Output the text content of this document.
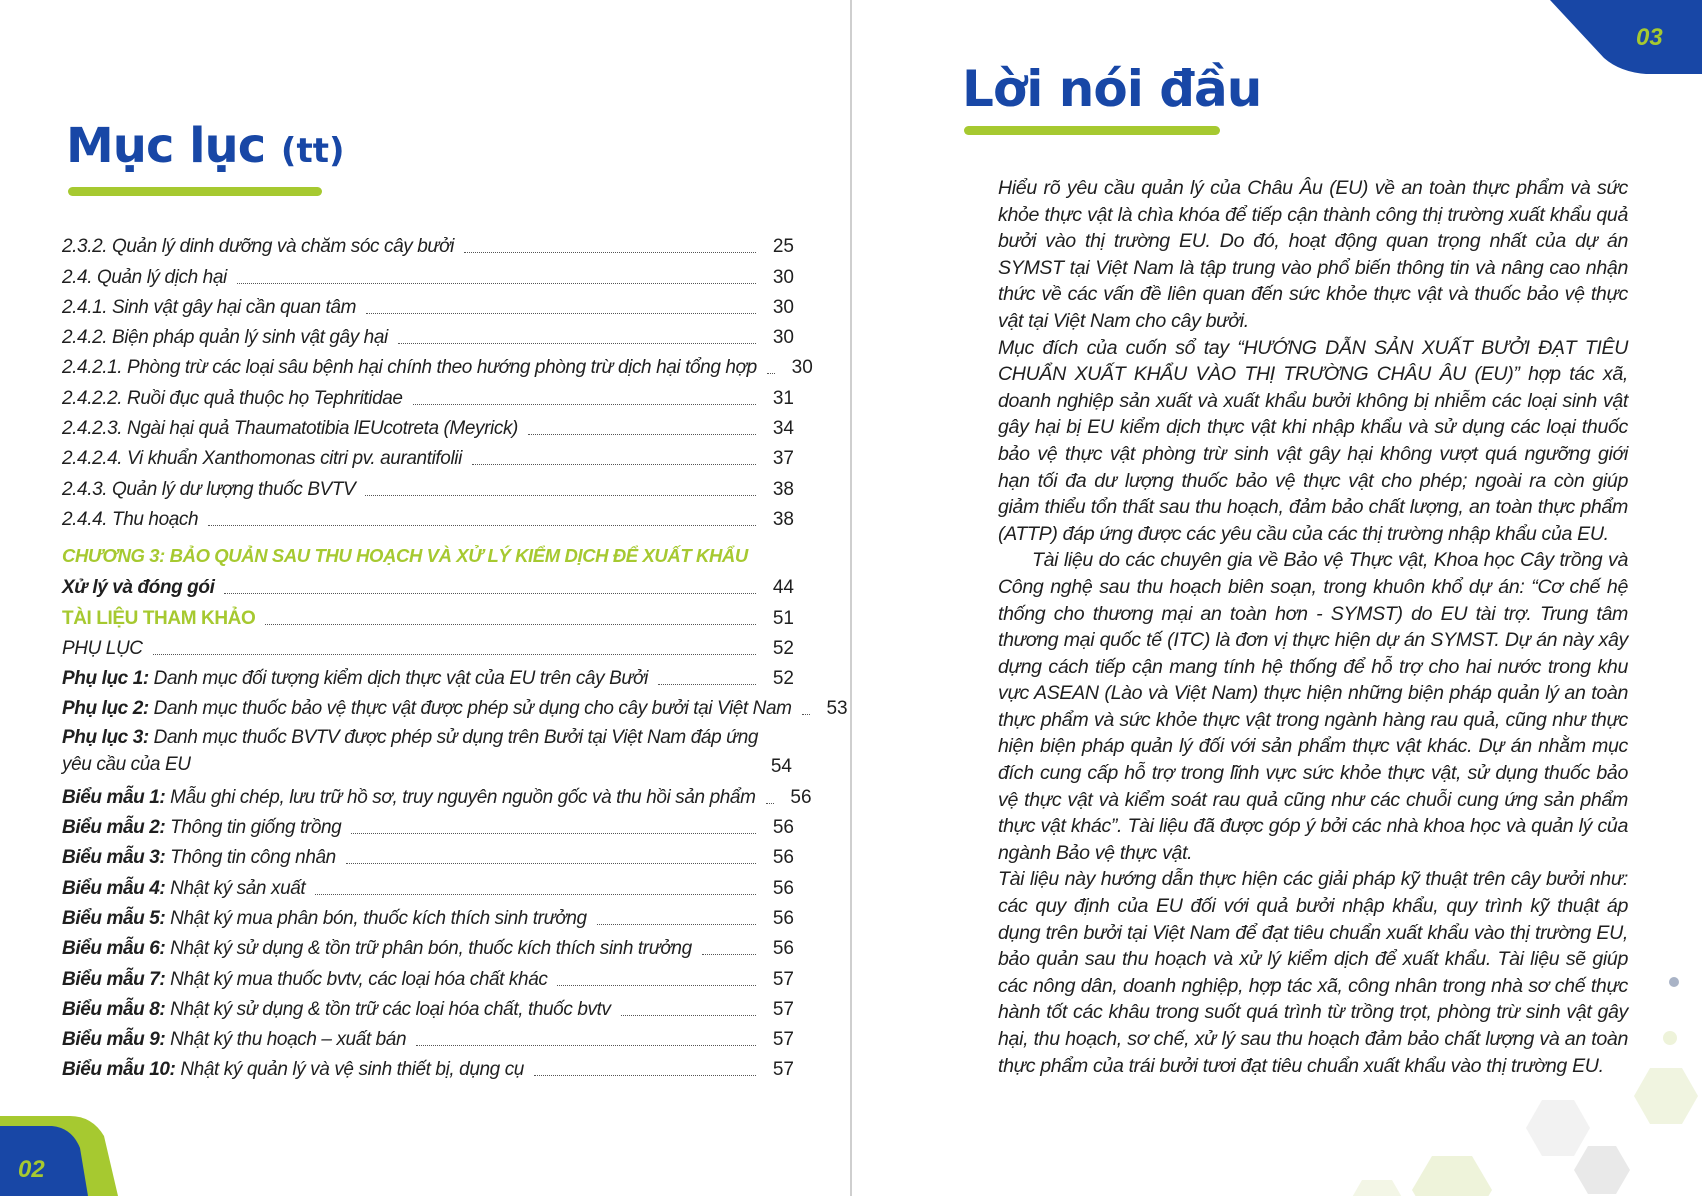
Mục lục (tt)
2.3.2. Quản lý dinh dưỡng và chăm sóc cây bưởi	25
2.4. Quản lý dịch hại	30
2.4.1. Sinh vật gây hại cần quan tâm	30
2.4.2. Biện pháp quản lý sinh vật gây hại	30
2.4.2.1. Phòng trừ các loại sâu bệnh hại chính theo hướng phòng trừ dịch hại tổng hợp	30
2.4.2.2. Ruồi đục quả thuộc họ Tephritidae	31
2.4.2.3. Ngài hại quả Thaumatotibia lEUcotreta (Meyrick)	34
2.4.2.4. Vi khuẩn Xanthomonas citri pv. aurantifolii	37
2.4.3. Quản lý dư lượng thuốc BVTV	38
2.4.4. Thu hoạch	38
CHƯƠNG 3: BẢO QUẢN SAU THU HOẠCH VÀ XỬ LÝ KIỂM DỊCH ĐỂ XUẤT KHẨU
Xử lý và đóng gói	44
TÀI LIỆU THAM KHẢO	51
PHỤ LỤC	52
Phụ lục 1: Danh mục đối tượng kiểm dịch thực vật của EU trên cây Bưởi	52
Phụ lục 2: Danh mục thuốc bảo vệ thực vật được phép sử dụng cho cây bưởi tại Việt Nam	53
Phụ lục 3: Danh mục thuốc BVTV được phép sử dụng trên Bưởi tại Việt Nam đáp ứng yêu cầu của EU	54
Biểu mẫu 1: Mẫu ghi chép, lưu trữ hồ sơ, truy nguyên nguồn gốc và thu hồi sản phẩm	56
Biểu mẫu 2: Thông tin giống trồng	56
Biểu mẫu 3: Thông tin công nhân	56
Biểu mẫu 4: Nhật ký sản xuất	56
Biểu mẫu 5: Nhật ký mua phân bón, thuốc kích thích sinh trưởng	56
Biểu mẫu 6: Nhật ký sử dụng & tồn trữ phân bón, thuốc kích thích sinh trưởng	56
Biểu mẫu 7: Nhật ký mua thuốc bvtv, các loại hóa chất khác	57
Biểu mẫu 8: Nhật ký sử dụng & tồn trữ các loại hóa chất, thuốc bvtv	57
Biểu mẫu 9: Nhật ký thu hoạch – xuất bán	57
Biểu mẫu 10: Nhật ký quản lý và vệ sinh thiết bị, dụng cụ	57
02
03
Lời nói đầu

Hiểu rõ yêu cầu quản lý của Châu Âu (EU) về an toàn thực phẩm và sức khỏe thực vật là chìa khóa để tiếp cận thành công thị trường xuất khẩu quả bưởi vào thị trường EU. Do đó, hoạt động quan trọng nhất của dự án SYMST tại Việt Nam là tập trung vào phổ biến thông tin và nâng cao nhận thức về các vấn đề liên quan đến sức khỏe thực vật và thuốc bảo vệ thực vật tại Việt Nam cho cây bưởi.

Mục đích của cuốn sổ tay “HƯỚNG DẪN SẢN XUẤT BƯỞI ĐẠT TIÊU CHUẨN XUẤT KHẨU VÀO THỊ TRƯỜNG CHÂU ÂU (EU)” hợp tác xã, doanh nghiệp sản xuất và xuất khẩu bưởi không bị nhiễm các loại sinh vật gây hại bị EU kiểm dịch thực vật khi nhập khẩu và sử dụng các loại thuốc bảo vệ thực vật phòng trừ sinh vật gây hại không vượt quá ngưỡng giới hạn tối đa dư lượng thuốc bảo vệ thực vật cho phép; ngoài ra còn giúp giảm thiểu tổn thất sau thu hoạch, đảm bảo chất lượng, an toàn thực phẩm (ATTP) đáp ứng được các yêu cầu của các thị trường nhập khẩu của EU.

Tài liệu do các chuyên gia về Bảo vệ Thực vật, Khoa học Cây trồng và Công nghệ sau thu hoạch biên soạn, trong khuôn khổ dự án: “Cơ chế hệ thống cho thương mại an toàn hơn - SYMST) do EU tài trợ. Trung tâm thương mại quốc tế (ITC) là đơn vị thực hiện dự án SYMST. Dự án này xây dựng cách tiếp cận mang tính hệ thống để hỗ trợ cho hai nước trong khu vực ASEAN (Lào và Việt Nam) thực hiện những biện pháp quản lý an toàn thực phẩm và sức khỏe thực vật trong ngành hàng rau quả, cũng như thực hiện biện pháp quản lý đối với sản phẩm thực vật khác. Dự án nhằm mục đích cung cấp hỗ trợ trong lĩnh vực sức khỏe thực vật, sử dụng thuốc bảo vệ thực vật và kiểm soát rau quả cũng như các chuỗi cung ứng sản phẩm thực vật khác”. Tài liệu đã được góp ý bởi các nhà khoa học và quản lý của ngành Bảo vệ thực vật.

Tài liệu này hướng dẫn thực hiện các giải pháp kỹ thuật trên cây bưởi như: các quy định của EU đối với quả bưởi nhập khẩu, quy trình kỹ thuật áp dụng trên bưởi tại Việt Nam để đạt tiêu chuẩn xuất khẩu vào thị trường EU, bảo quản sau thu hoạch và xử lý kiểm dịch để xuất khẩu. Tài liệu sẽ giúp các nông dân, doanh nghiệp, hợp tác xã, công nhân trong nhà sơ chế thực hành tốt các khâu trong suốt quá trình từ trồng trọt, phòng trừ sinh vật gây hại, thu hoạch, sơ chế, xử lý sau thu hoạch đảm bảo chất lượng và an toàn thực phẩm của trái bưởi tươi đạt tiêu chuẩn xuất khẩu vào thị trường EU.
